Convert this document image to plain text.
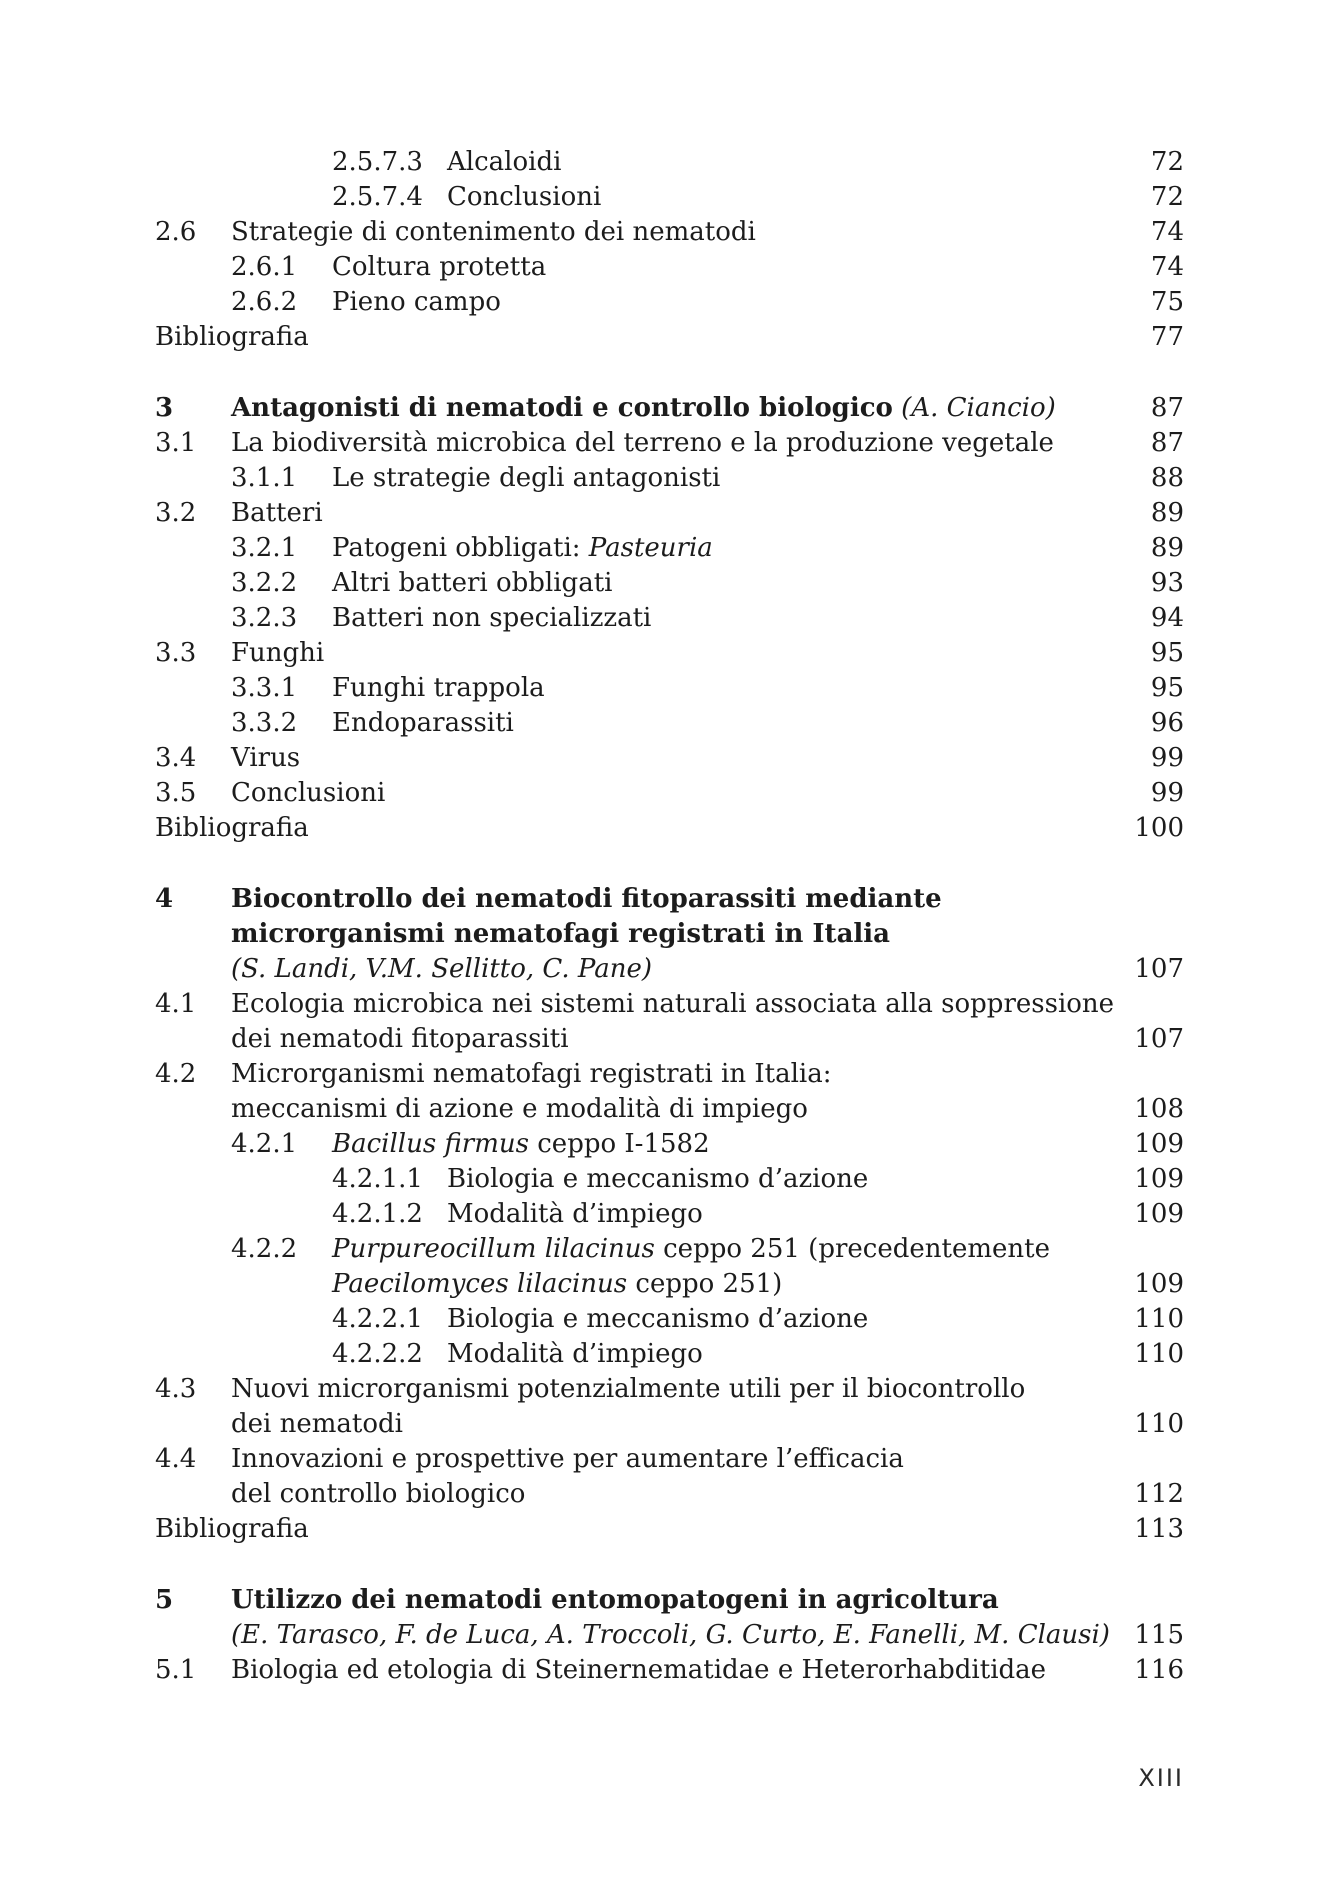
2.5.7.3 Alcaloidi	72
2.5.7.4 Conclusioni	72
2.6 Strategie di contenimento dei nematodi	74
2.6.1 Coltura protetta	74
2.6.2 Pieno campo	75
Bibliografia	77
3 Antagonisti di nematodi e controllo biologico (A. Ciancio)	87
3.1 La biodiversità microbica del terreno e la produzione vegetale	87
3.1.1 Le strategie degli antagonisti	88
3.2 Batteri	89
3.2.1 Patogeni obbligati: Pasteuria	89
3.2.2 Altri batteri obbligati	93
3.2.3 Batteri non specializzati	94
3.3 Funghi	95
3.3.1 Funghi trappola	95
3.3.2 Endoparassiti	96
3.4 Virus	99
3.5 Conclusioni	99
Bibliografia	100
4 Biocontrollo dei nematodi fitoparassiti mediante
microrganismi nematofagi registrati in Italia
(S. Landi, V.M. Sellitto, C. Pane)	107
4.1 Ecologia microbica nei sistemi naturali associata alla soppressione
dei nematodi fitoparassiti	107
4.2 Microrganismi nematofagi registrati in Italia:
meccanismi di azione e modalità di impiego	108
4.2.1 Bacillus firmus ceppo I-1582	109
4.2.1.1 Biologia e meccanismo d’azione	109
4.2.1.2 Modalità d’impiego	109
4.2.2 Purpureocillum lilacinus ceppo 251 (precedentemente
Paecilomyces lilacinus ceppo 251)	109
4.2.2.1 Biologia e meccanismo d’azione	110
4.2.2.2 Modalità d’impiego	110
4.3 Nuovi microrganismi potenzialmente utili per il biocontrollo
dei nematodi	110
4.4 Innovazioni e prospettive per aumentare l’efficacia
del controllo biologico	112
Bibliografia	113
5 Utilizzo dei nematodi entomopatogeni in agricoltura
(E. Tarasco, F. de Luca, A. Troccoli, G. Curto, E. Fanelli, M. Clausi) 115
5.1 Biologia ed etologia di Steinernematidae e Heterorhabditidae	116
XIII
